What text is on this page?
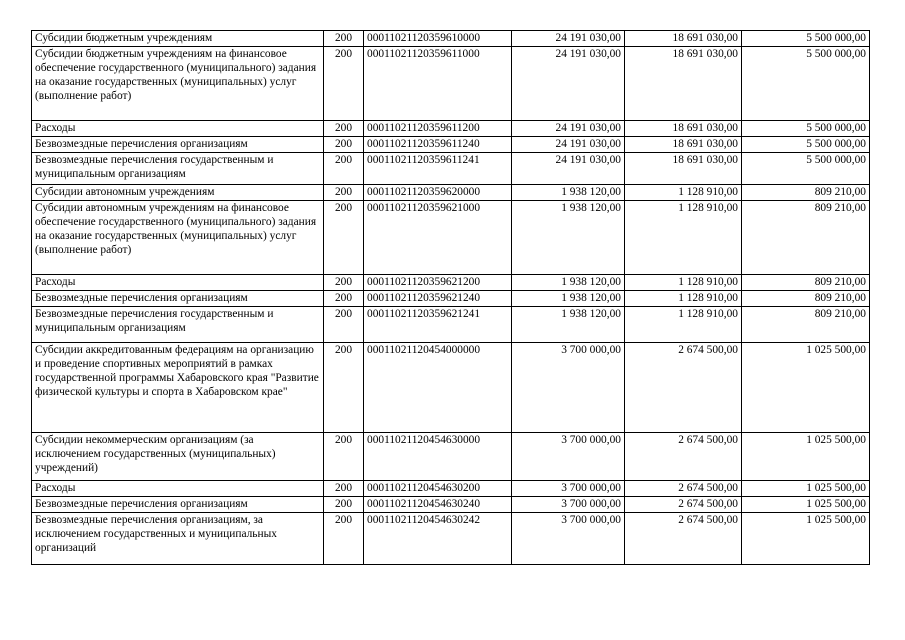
Субсидии бюджетным учреждениям	200	00011021120359610000	24 191 030,00	18 691 030,00	5 500 000,00
Субсидии бюджетным учреждениям на финансовое обеспечение государственного (муниципального) задания на оказание государственных (муниципальных) услуг (выполнение работ)	200	00011021120359611000	24 191 030,00	18 691 030,00	5 500 000,00
Расходы	200	00011021120359611200	24 191 030,00	18 691 030,00	5 500 000,00
Безвозмездные перечисления организациям	200	00011021120359611240	24 191 030,00	18 691 030,00	5 500 000,00
Безвозмездные перечисления государственным и муниципальным организациям	200	00011021120359611241	24 191 030,00	18 691 030,00	5 500 000,00
Субсидии автономным учреждениям	200	00011021120359620000	1 938 120,00	1 128 910,00	809 210,00
Субсидии автономным учреждениям на финансовое обеспечение государственного (муниципального) задания на оказание государственных (муниципальных) услуг (выполнение работ)	200	00011021120359621000	1 938 120,00	1 128 910,00	809 210,00
Расходы	200	00011021120359621200	1 938 120,00	1 128 910,00	809 210,00
Безвозмездные перечисления организациям	200	00011021120359621240	1 938 120,00	1 128 910,00	809 210,00
Безвозмездные перечисления государственным и муниципальным организациям	200	00011021120359621241	1 938 120,00	1 128 910,00	809 210,00
Субсидии аккредитованным федерациям на организацию и проведение спортивных мероприятий в рамках государственной программы Хабаровского края "Развитие физической культуры и спорта в Хабаровском крае"	200	00011021120454000000	3 700 000,00	2 674 500,00	1 025 500,00
Субсидии некоммерческим организациям (за исключением государственных (муниципальных) учреждений)	200	00011021120454630000	3 700 000,00	2 674 500,00	1 025 500,00
Расходы	200	00011021120454630200	3 700 000,00	2 674 500,00	1 025 500,00
Безвозмездные перечисления организациям	200	00011021120454630240	3 700 000,00	2 674 500,00	1 025 500,00
Безвозмездные перечисления организациям, за исключением государственных и муниципальных организаций	200	00011021120454630242	3 700 000,00	2 674 500,00	1 025 500,00
